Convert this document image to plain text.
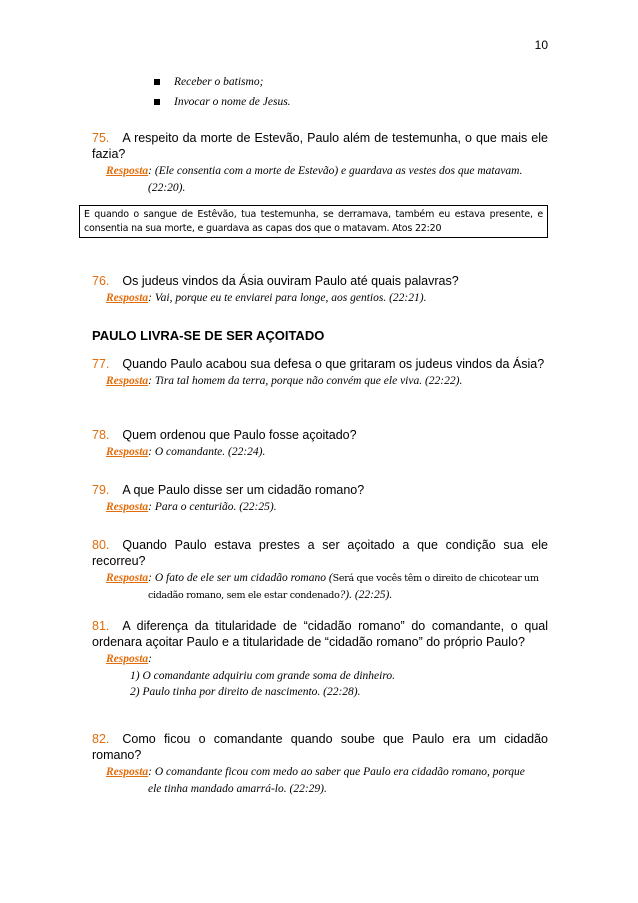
10
Receber o batismo;
Invocar o nome de Jesus.
75. A respeito da morte de Estevão, Paulo além de testemunha, o que mais ele fazia?
Resposta: (Ele consentia com a morte de Estevão) e guardava as vestes dos que matavam.
(22:20).
E quando o sangue de Estêvão, tua testemunha, se derramava, também eu estava presente, e consentia na sua morte, e guardava as capas dos que o matavam. Atos 22:20
76. Os judeus vindos da Ásia ouviram Paulo até quais palavras?
Resposta: Vai, porque eu te enviarei para longe, aos gentios. (22:21).
PAULO LIVRA-SE DE SER AÇOITADO
77. Quando Paulo acabou sua defesa o que gritaram os judeus vindos da Ásia?
Resposta: Tira tal homem da terra, porque não convém que ele viva. (22:22).
78. Quem ordenou que Paulo fosse açoitado?
Resposta: O comandante. (22:24).
79. A que Paulo disse ser um cidadão romano?
Resposta: Para o centurião. (22:25).
80. Quando Paulo estava prestes a ser açoitado a que condição sua ele recorreu?
Resposta: O fato de ele ser um cidadão romano (Será que vocês têm o direito de chicotear um
cidadão romano, sem ele estar condenado?). (22:25).
81. A diferença da titularidade de “cidadão romano” do comandante, o qual ordenara açoitar Paulo e a titularidade de “cidadão romano” do próprio Paulo?
Resposta:
1) O comandante adquiriu com grande soma de dinheiro.
2) Paulo tinha por direito de nascimento. (22:28).
82. Como ficou o comandante quando soube que Paulo era um cidadão romano?
Resposta: O comandante ficou com medo ao saber que Paulo era cidadão romano, porque
ele tinha mandado amarrá-lo. (22:29).
